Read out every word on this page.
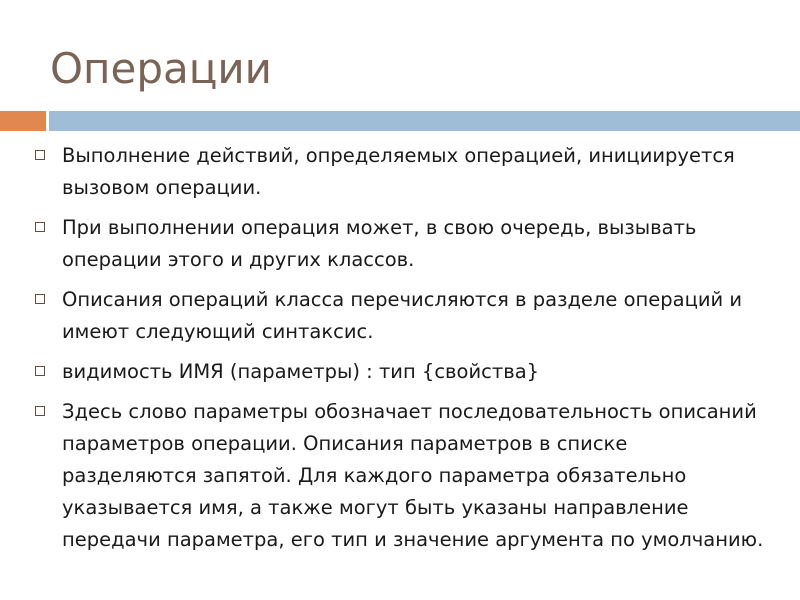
Операции
Выполнение действий, определяемых операцией, инициируется вызовом операции.
При выполнении операция может, в свою очередь, вызывать операции этого и других классов.
Описания операций класса перечисляются в разделе операций и имеют следующий синтаксис.
видимость ИМЯ (параметры) : тип {свойства}
Здесь слово параметры обозначает последовательность описаний параметров операции. Описания параметров в списке разделяются запятой. Для каждого параметра обязательно указывается имя, а также могут быть указаны направление передачи параметра, его тип и значение аргумента по умолчанию.
